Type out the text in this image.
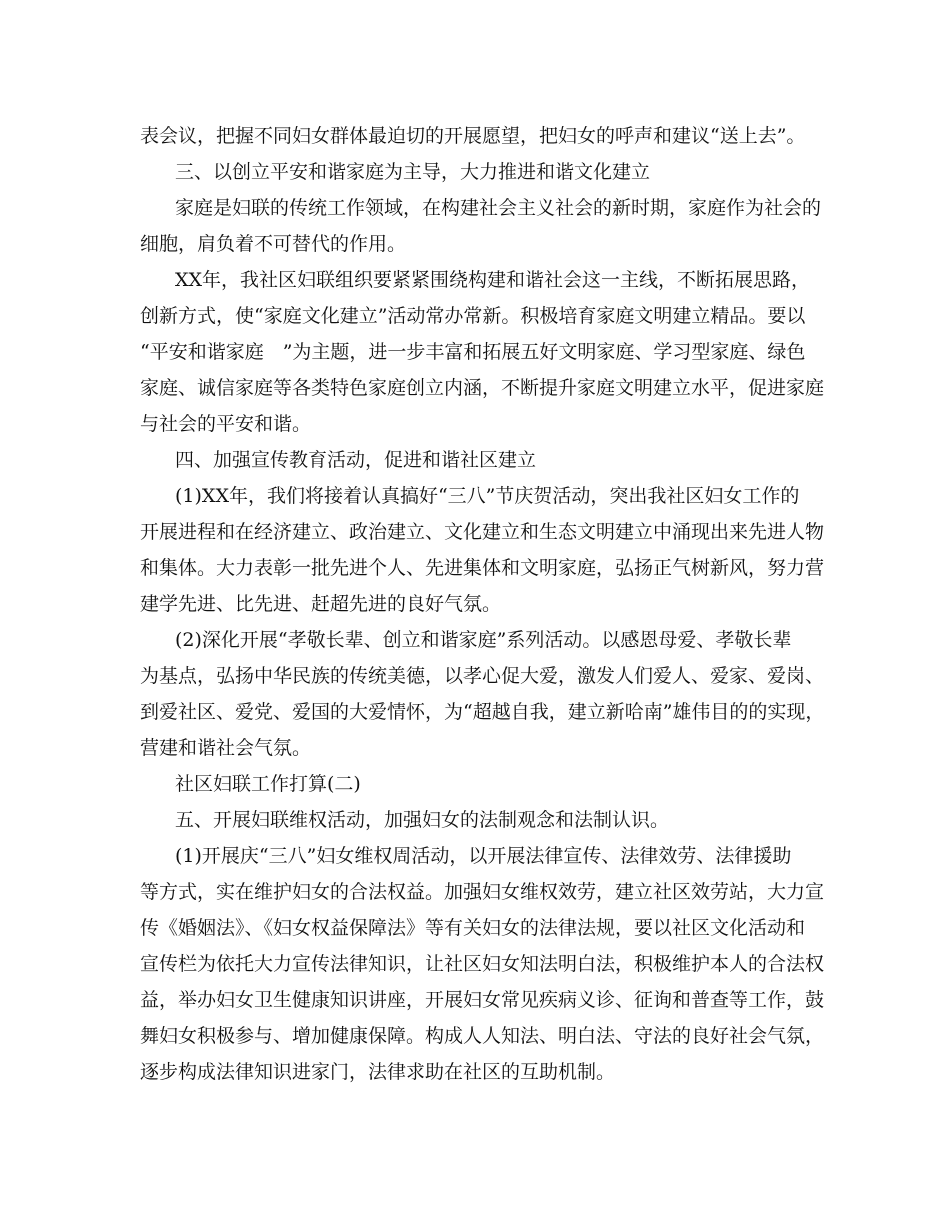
表会议，把握不同妇女群体最迫切的开展愿望，把妇女的呼声和建议“送上去”。
三、以创立平安和谐家庭为主导，大力推进和谐文化建立
家庭是妇联的传统工作领域，在构建社会主义社会的新时期，家庭作为社会的
细胞，肩负着不可替代的作用。
XX年，我社区妇联组织要紧紧围绕构建和谐社会这一主线，不断拓展思路，
创新方式，使“家庭文化建立”活动常办常新。积极培育家庭文明建立精品。要以
“平安和谐家庭　”为主题，进一步丰富和拓展五好文明家庭、学习型家庭、绿色
家庭、诚信家庭等各类特色家庭创立内涵，不断提升家庭文明建立水平，促进家庭
与社会的平安和谐。
四、加强宣传教育活动，促进和谐社区建立
(1)XX年，我们将接着认真搞好“三八”节庆贺活动，突出我社区妇女工作的
开展进程和在经济建立、政治建立、文化建立和生态文明建立中涌现出来先进人物
和集体。大力表彰一批先进个人、先进集体和文明家庭，弘扬正气树新风，努力营
建学先进、比先进、赶超先进的良好气氛。
(2)深化开展“孝敬长辈、创立和谐家庭”系列活动。以感恩母爱、孝敬长辈
为基点，弘扬中华民族的传统美德，以孝心促大爱，激发人们爱人、爱家、爱岗、
到爱社区、爱党、爱国的大爱情怀，为“超越自我，建立新哈南”雄伟目的的实现，
营建和谐社会气氛。
社区妇联工作打算(二)
五、开展妇联维权活动，加强妇女的法制观念和法制认识。
(1)开展庆“三八”妇女维权周活动，以开展法律宣传、法律效劳、法律援助
等方式，实在维护妇女的合法权益。加强妇女维权效劳，建立社区效劳站，大力宣
传《婚姻法》、《妇女权益保障法》等有关妇女的法律法规，要以社区文化活动和
宣传栏为依托大力宣传法律知识，让社区妇女知法明白法，积极维护本人的合法权
益，举办妇女卫生健康知识讲座，开展妇女常见疾病义诊、征询和普查等工作，鼓
舞妇女积极参与、增加健康保障。构成人人知法、明白法、守法的良好社会气氛，
逐步构成法律知识进家门，法律求助在社区的互助机制。
